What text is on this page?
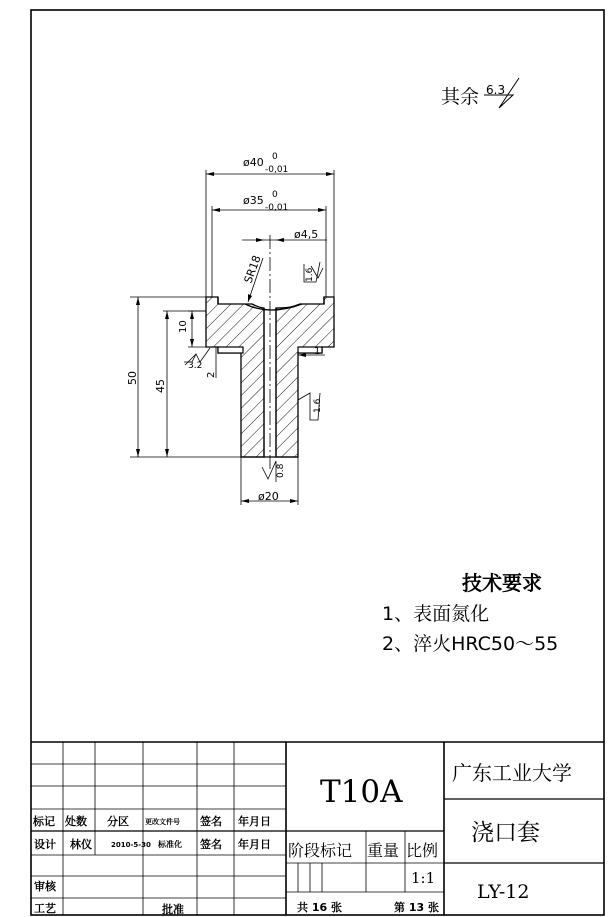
其余 6.3
ø40 0
-0,01
ø35 0
-0,01
ø4,5
SR18	1.6
10
3.2
2
1
1.6
50
45
0.8
ø20
技术要求
1、表面氮化
2、淬火HRC50～55
T10A
广东工业大学
浇口套
LY-12
标记 处数 分区 更改文件号 签名 年月日
设计 林仪	2010-5-30 标准化 签名 年月日
审核
工艺	批准
阶段标记 重量 比例
1:1
共 16 张	第 13 张
